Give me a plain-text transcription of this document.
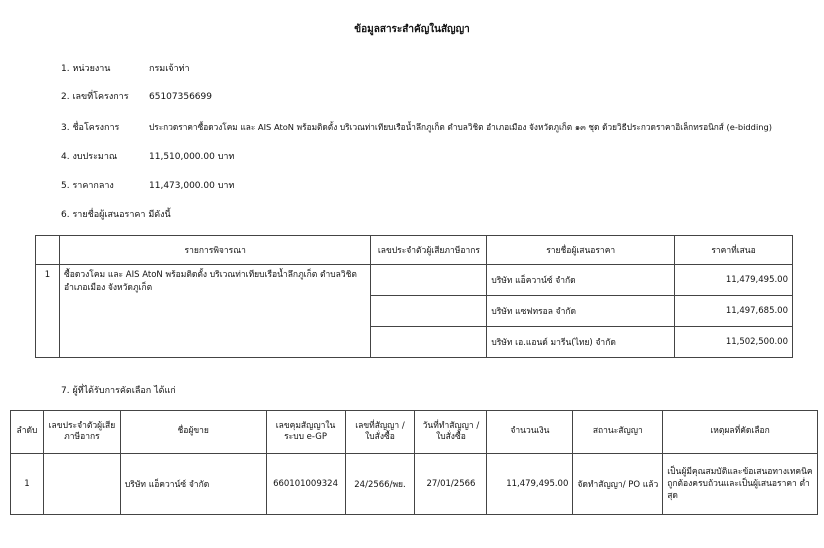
ข้อมูลสาระสำคัญในสัญญา
1. หน่วยงาน	กรมเจ้าท่า
2. เลขที่โครงการ 65107356699
3. ชื่อโครงการ	ประกวดราคาซื้อดวงโคม และ AIS AtoN พร้อมติดตั้ง บริเวณท่าเทียบเรือน้ำลึกภูเก็ต ตำบลวิชิต อำเภอเมือง จังหวัดภูเก็ต ๑๓ ชุด ด้วยวิธีประกวดราคาอิเล็กทรอนิกส์ (e-bidding)
4. งบประมาณ	11,510,000.00 บาท
5. ราคากลาง	11,473,000.00 บาท
6. รายชื่อผู้เสนอราคา มีดังนี้
	รายการพิจารณา	เลขประจำตัวผู้เสียภาษีอากร	รายชื่อผู้เสนอราคา	ราคาที่เสนอ
1	ซื้อดวงโคม และ AIS AtoN พร้อมติดตั้ง บริเวณท่าเทียบเรือน้ำลึกภูเก็ต ตำบลวิชิต อำเภอเมือง จังหวัดภูเก็ต		บริษัท แอ็ควาน์ซ์ จำกัด	11,479,495.00
			บริษัท แซฟทรอล จำกัด	11,497,685.00
			บริษัท เอ.แอนด์ มารีน(ไทย) จำกัด	11,502,500.00
7. ผู้ที่ได้รับการคัดเลือก ได้แก่
ลำดับ	เลขประจำตัวผู้เสียภาษีอากร	ชื่อผู้ขาย	เลขคุมสัญญาในระบบ e-GP	เลขที่สัญญา / ใบสั่งซื้อ	วันที่ทำสัญญา / ใบสั่งซื้อ	จำนวนเงิน	สถานะสัญญา	เหตุผลที่คัดเลือก
1		บริษัท แอ็ควาน์ซ์ จำกัด	660101009324	24/2566/พย.	27/01/2566	11,479,495.00	จัดทำสัญญา/ PO แล้ว	เป็นผู้มีคุณสมบัติและข้อเสนอทางเทคนิคถูกต้องครบถ้วนและเป็นผู้เสนอราคา ต่ำสุด
